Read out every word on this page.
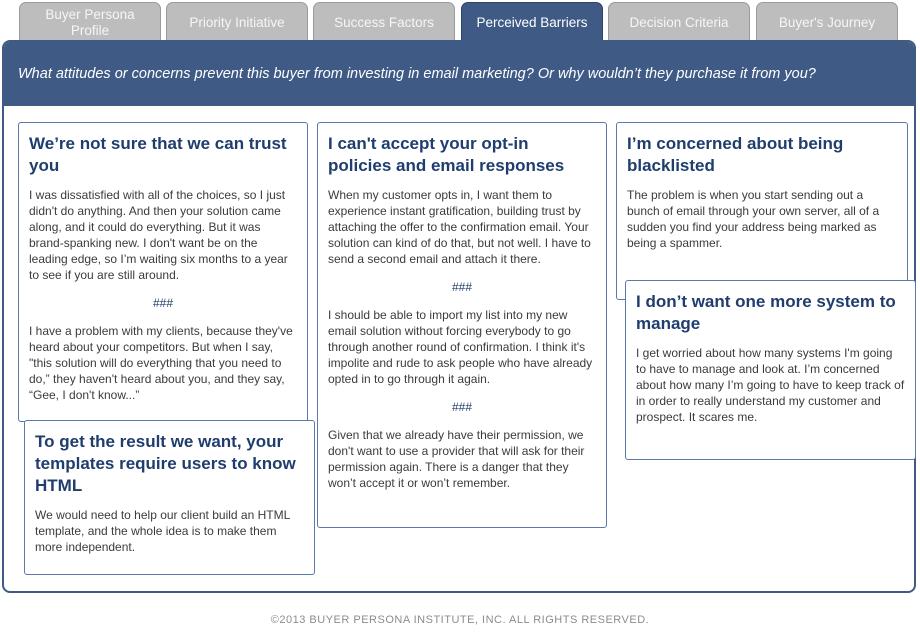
Buyer Persona
Profile
Priority Initiative	Success Factors	Perceived Barriers	Decision Criteria	Buyer's Journey
What attitudes or concerns prevent this buyer from investing in email marketing? Or why wouldn’t they purchase it from you?
We’re not sure that we can trust you

I was dissatisfied with all of the choices, so I just didn't do anything. And then your solution came along, and it could do everything. But it was brand-spanking new. I don't want be on the leading edge, so I’m waiting six months to a year to see if you are still around.

###

I have a problem with my clients, because they've heard about your competitors. But when I say, "this solution will do everything that you need to do,” they haven't heard about you, and they say, “Gee, I don't know...”

To get the result we want, your templates require users to know HTML

We would need to help our client build an HTML template, and the whole idea is to make them more independent.

I can't accept your opt-in policies and email responses

When my customer opts in, I want them to experience instant gratification, building trust by attaching the offer to the confirmation email. Your solution can kind of do that, but not well. I have to send a second email and attach it there.

###

I should be able to import my list into my new email solution without forcing everybody to go through another round of confirmation. I think it's impolite and rude to ask people who have already opted in to go through it again.

###

Given that we already have their permission, we don't want to use a provider that will ask for their permission again. There is a danger that they won’t accept it or won’t remember.

I’m concerned about being blacklisted

The problem is when you start sending out a bunch of email through your own server, all of a sudden you find your address being marked as being a spammer.

I don’t want one more system to manage

I get worried about how many systems I'm going to have to manage and look at. I’m concerned about how many I’m going to have to keep track of in order to really understand my customer and prospect. It scares me.

©2013 BUYER PERSONA INSTITUTE, INC. ALL RIGHTS RESERVED.
